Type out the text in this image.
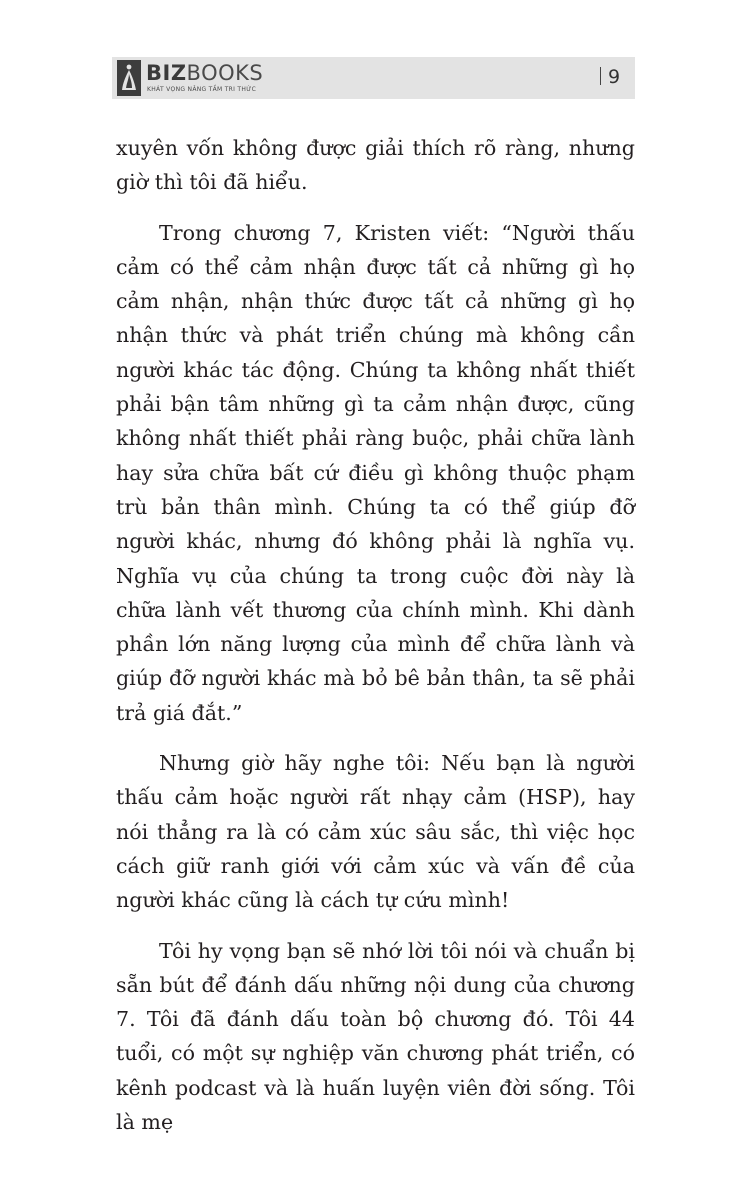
BIZBOOKS
KHÁT VỌNG NÂNG TẦM TRI THỨC
9

xuyên vốn không được giải thích rõ ràng, nhưng giờ thì tôi đã hiểu.

Trong chương 7, Kristen viết: “Người thấu cảm có thể cảm nhận được tất cả những gì họ cảm nhận, nhận thức được tất cả những gì họ nhận thức và phát triển chúng mà không cần người khác tác động. Chúng ta không nhất thiết phải bận tâm những gì ta cảm nhận được, cũng không nhất thiết phải ràng buộc, phải chữa lành hay sửa chữa bất cứ điều gì không thuộc phạm trù bản thân mình. Chúng ta có thể giúp đỡ người khác, nhưng đó không phải là nghĩa vụ. Nghĩa vụ của chúng ta trong cuộc đời này là chữa lành vết thương của chính mình. Khi dành phần lớn năng lượng của mình để chữa lành và giúp đỡ người khác mà bỏ bê bản thân, ta sẽ phải trả giá đắt.”

Nhưng giờ hãy nghe tôi: Nếu bạn là người thấu cảm hoặc người rất nhạy cảm (HSP), hay nói thẳng ra là có cảm xúc sâu sắc, thì việc học cách giữ ranh giới với cảm xúc và vấn đề của người khác cũng là cách tự cứu mình!

Tôi hy vọng bạn sẽ nhớ lời tôi nói và chuẩn bị sẵn bút để đánh dấu những nội dung của chương 7. Tôi đã đánh dấu toàn bộ chương đó. Tôi 44 tuổi, có một sự nghiệp văn chương phát triển, có kênh podcast và là huấn luyện viên đời sống. Tôi là mẹ
